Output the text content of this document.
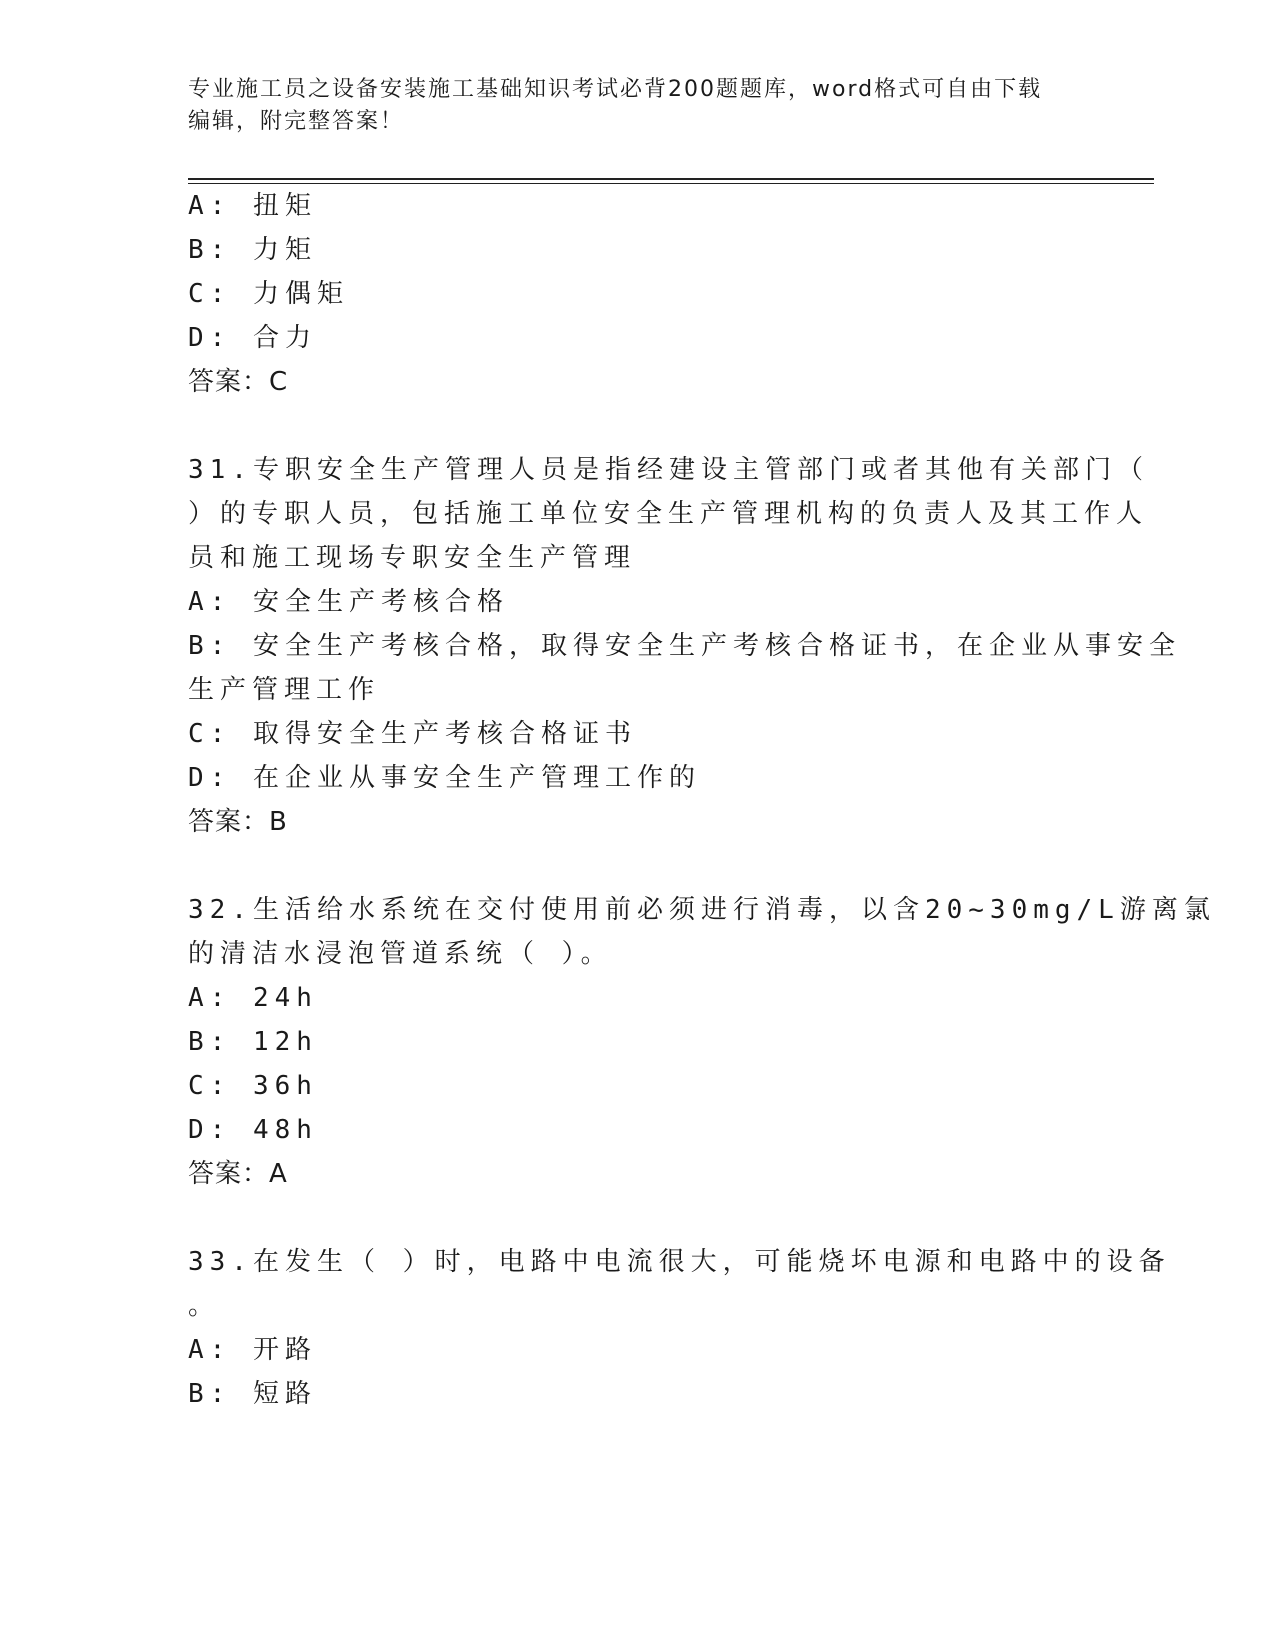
专业施工员之设备安装施工基础知识考试必背200题题库，word格式可自由下载
编辑，附完整答案！
A: 扭矩
B: 力矩
C: 力偶矩
D: 合力
答案：C
31.专职安全生产管理人员是指经建设主管部门或者其他有关部门（
）的专职人员，包括施工单位安全生产管理机构的负责人及其工作人
员和施工现场专职安全生产管理
A: 安全生产考核合格
B: 安全生产考核合格，取得安全生产考核合格证书，在企业从事安全
生产管理工作
C: 取得安全生产考核合格证书
D: 在企业从事安全生产管理工作的
答案：B
32.生活给水系统在交付使用前必须进行消毒，以含20~30mg/L游离氯
的清洁水浸泡管道系统（ ）。
A: 24h
B: 12h
C: 36h
D: 48h
答案：A
33.在发生（ ）时，电路中电流很大，可能烧坏电源和电路中的设备
。
A: 开路
B: 短路
